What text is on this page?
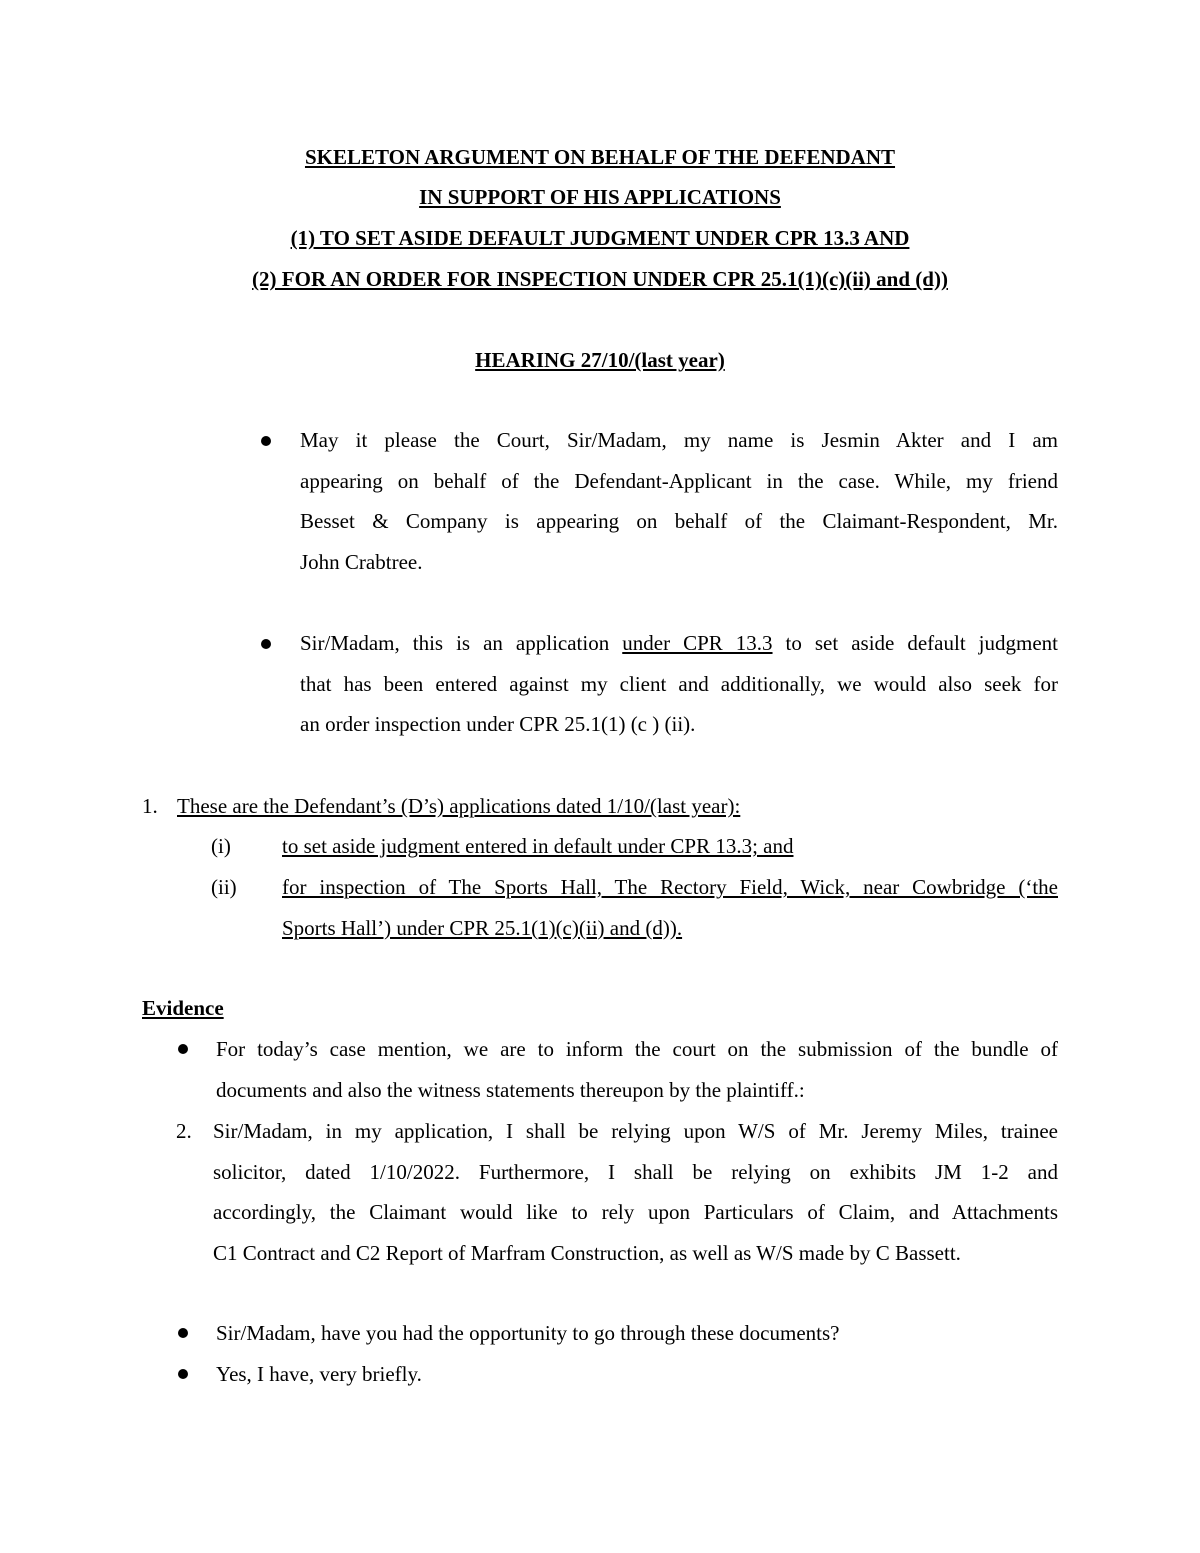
SKELETON ARGUMENT ON BEHALF OF THE DEFENDANT
IN SUPPORT OF HIS APPLICATIONS
(1) TO SET ASIDE DEFAULT JUDGMENT UNDER CPR 13.3 AND
(2) FOR AN ORDER FOR INSPECTION UNDER CPR 25.1(1)(c)(ii) and (d))
HEARING 27/10/(last year)
May it please the Court, Sir/Madam, my name is Jesmin Akter and I am
appearing on behalf of the Defendant-Applicant in the case. While, my friend
Besset & Company is appearing on behalf of the Claimant-Respondent, Mr.
John Crabtree.
Sir/Madam, this is an application under CPR 13.3 to set aside default judgment
that has been entered against my client and additionally, we would also seek for
an order inspection under CPR 25.1(1) (c ) (ii).
1. These are the Defendant’s (D’s) applications dated 1/10/(last year):
(i) to set aside judgment entered in default under CPR 13.3; and
(ii) for inspection of The Sports Hall, The Rectory Field, Wick, near Cowbridge (‘the
Sports Hall’) under CPR 25.1(1)(c)(ii) and (d)).
Evidence
For today’s case mention, we are to inform the court on the submission of the bundle of
documents and also the witness statements thereupon by the plaintiff.:
2. Sir/Madam, in my application, I shall be relying upon W/S of Mr. Jeremy Miles, trainee
solicitor, dated 1/10/2022. Furthermore, I shall be relying on exhibits JM 1-2 and
accordingly, the Claimant would like to rely upon Particulars of Claim, and Attachments
C1 Contract and C2 Report of Marfram Construction, as well as W/S made by C Bassett.
Sir/Madam, have you had the opportunity to go through these documents?
Yes, I have, very briefly.
